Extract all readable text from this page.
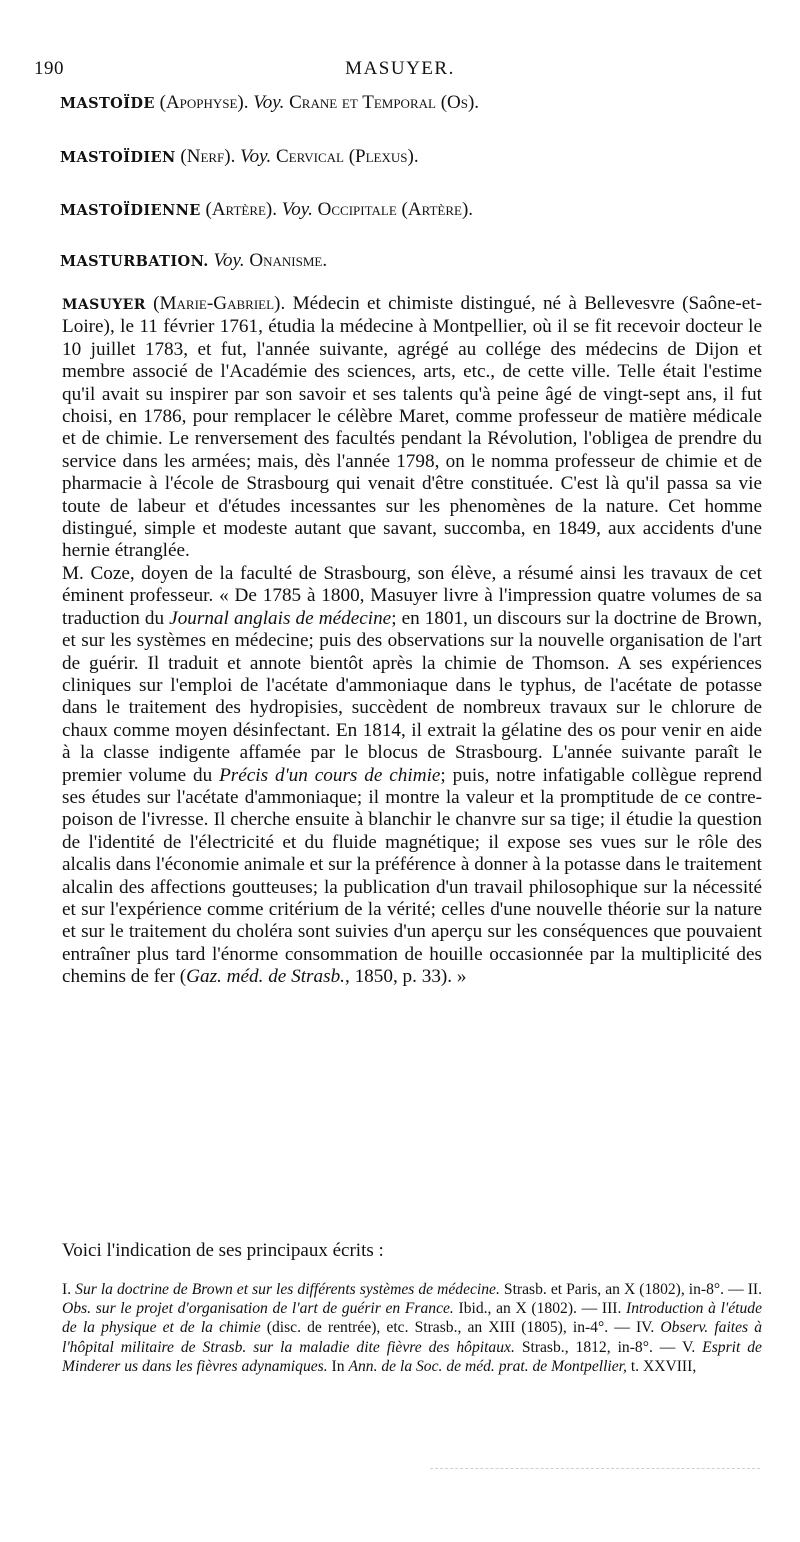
190	MASUYER.
MASTOÏDE (Apophyse). Voy. Crane et Temporal (Os).
MASTOÏDIEN (Nerf). Voy. Cervical (Plexus).
MASTOÏDIENNE (Artère). Voy. Occipitale (Artère).
MASTURBATION. Voy. Onanisme.

MASUYER (Marie-Gabriel). Médecin et chimiste distingué, né à Bellevesvre (Saône-et-Loire), le 11 février 1761, étudia la médecine à Montpellier, où il se fit recevoir docteur le 10 juillet 1783, et fut, l'année suivante, agrégé au collége des médecins de Dijon et membre associé de l'Académie des sciences, arts, etc., de cette ville. Telle était l'estime qu'il avait su inspirer par son savoir et ses talents qu'à peine âgé de vingt-sept ans, il fut choisi, en 1786, pour remplacer le célèbre Maret, comme professeur de matière médicale et de chimie. Le renversement des facultés pendant la Révolution, l'obligea de prendre du service dans les armées; mais, dès l'année 1798, on le nomma professeur de chimie et de pharmacie à l'école de Strasbourg qui venait d'être constituée. C'est là qu'il passa sa vie toute de labeur et d'études incessantes sur les phenomènes de la nature. Cet homme distingué, simple et modeste autant que savant, succomba, en 1849, aux accidents d'une hernie étranglée.

M. Coze, doyen de la faculté de Strasbourg, son élève, a résumé ainsi les travaux de cet éminent professeur. « De 1785 à 1800, Masuyer livre à l'impression quatre volumes de sa traduction du Journal anglais de médecine; en 1801, un discours sur la doctrine de Brown, et sur les systèmes en médecine; puis des observations sur la nouvelle organisation de l'art de guérir. Il traduit et annote bientôt après la chimie de Thomson. A ses expériences cliniques sur l'emploi de l'acétate d'ammoniaque dans le typhus, de l'acétate de potasse dans le traitement des hydropisies, succèdent de nombreux travaux sur le chlorure de chaux comme moyen désinfectant. En 1814, il extrait la gélatine des os pour venir en aide à la classe indigente affamée par le blocus de Strasbourg. L'année suivante paraît le premier volume du Précis d'un cours de chimie; puis, notre infatigable collègue reprend ses études sur l'acétate d'ammoniaque; il montre la valeur et la promptitude de ce contre-poison de l'ivresse. Il cherche ensuite à blanchir le chanvre sur sa tige; il étudie la question de l'identité de l'électricité et du fluide magnétique; il expose ses vues sur le rôle des alcalis dans l'économie animale et sur la préférence à donner à la potasse dans le traitement alcalin des affections goutteuses; la publication d'un travail philosophique sur la nécessité et sur l'expérience comme critérium de la vérité; celles d'une nouvelle théorie sur la nature et sur le traitement du choléra sont suivies d'un aperçu sur les conséquences que pouvaient entraîner plus tard l'énorme consommation de houille occasionnée par la multiplicité des chemins de fer (Gaz. méd. de Strasb., 1850, p. 33). »

Voici l'indication de ses principaux écrits :
I. Sur la doctrine de Brown et sur les différents systèmes de médecine. Strasb. et Paris, an X (1802), in-8°. — II. Obs. sur le projet d'organisation de l'art de guérir en France. Ibid., an X (1802). — III. Introduction à l'étude de la physique et de la chimie (disc. de rentrée), etc. Strasb., an XIII (1805), in-4°. — IV. Observ. faites à l'hôpital militaire de Strasb. sur la maladie dite fièvre des hôpitaux. Strasb., 1812, in-8°. — V. Esprit de Minderer us dans les fièvres adynamiques. In Ann. de la Soc. de méd. prat. de Montpellier, t. XXVIII,
